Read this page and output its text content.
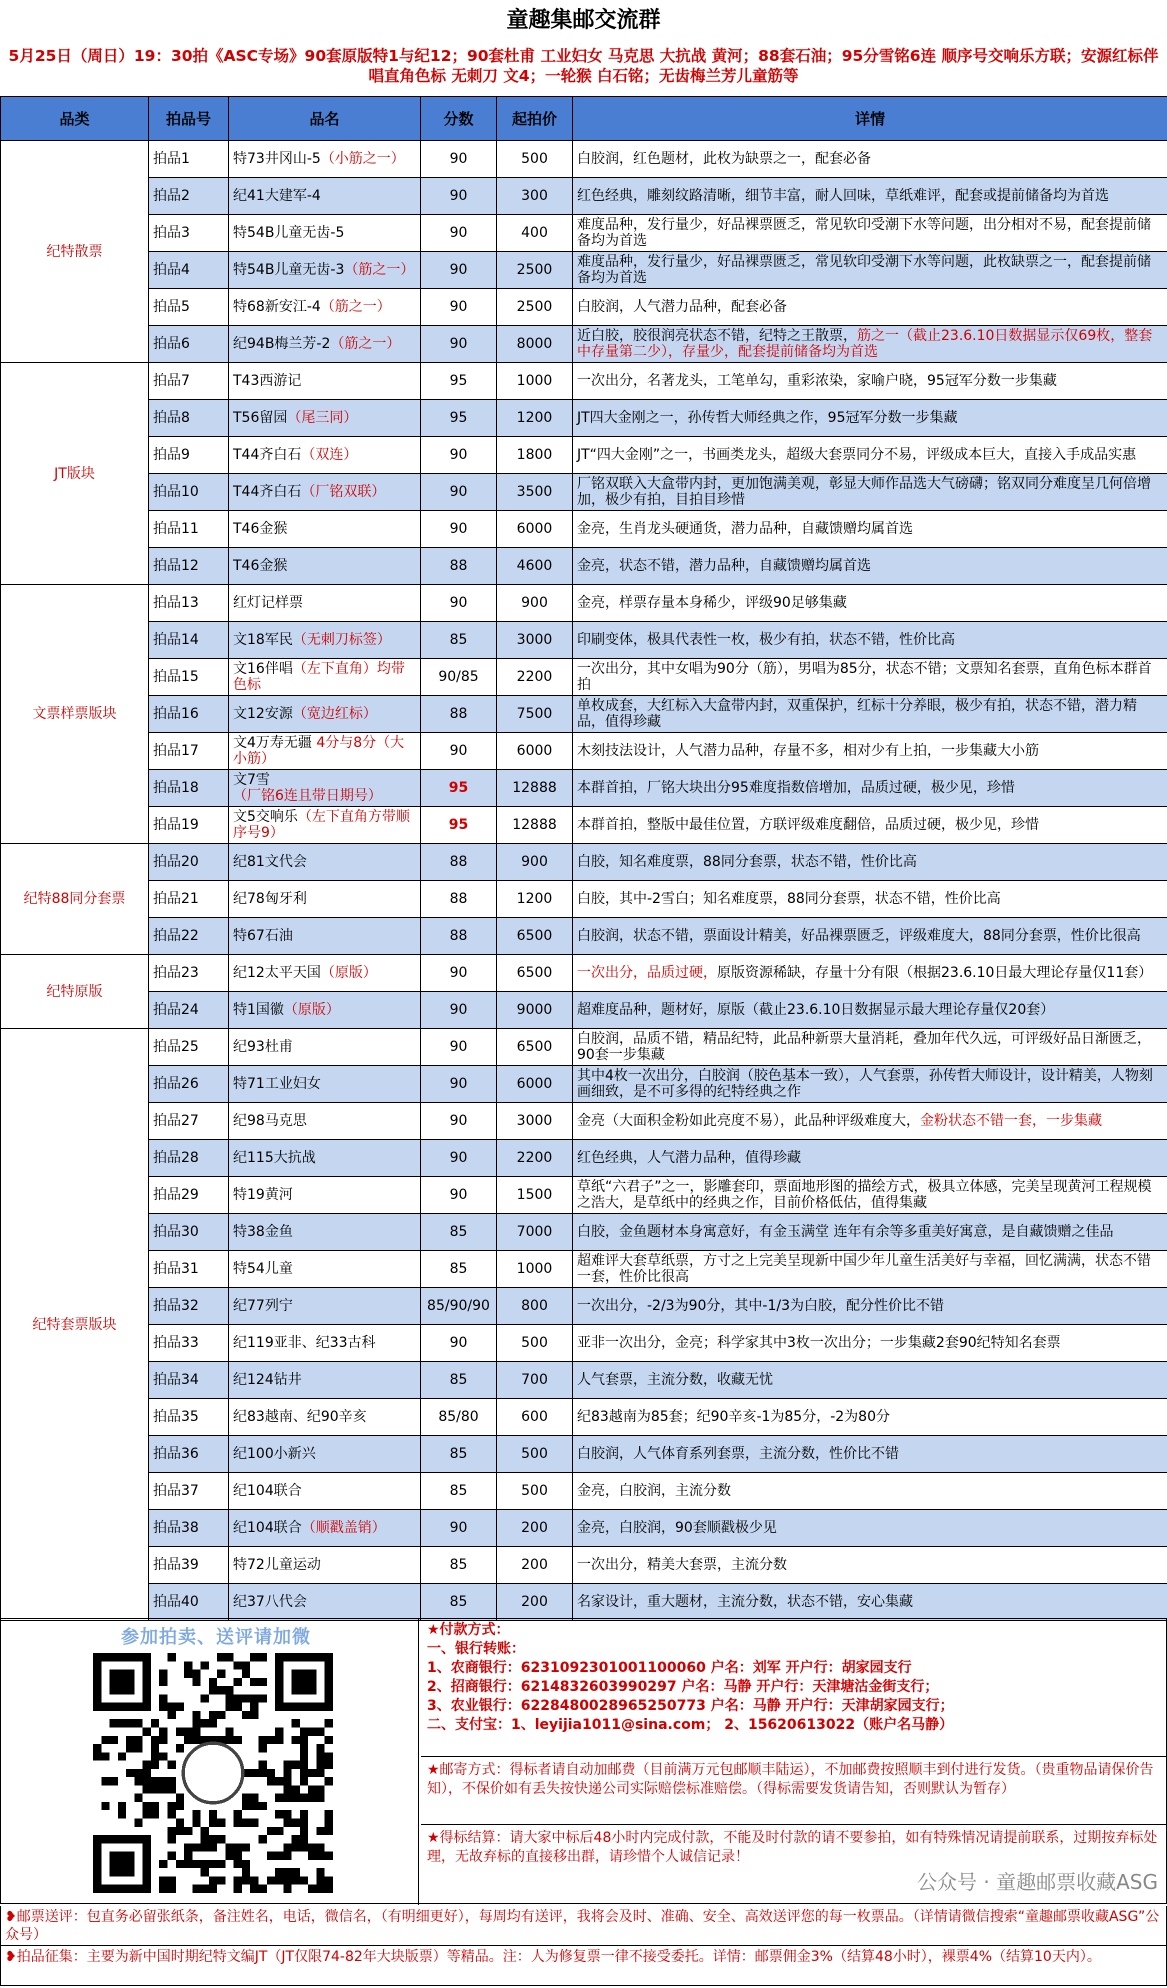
童趣集邮交流群
5月25日（周日）19：30拍《ASC专场》90套原版特1与纪12；90套杜甫 工业妇女 马克思 大抗战 黄河；88套石油；95分雪铭6连 顺序号交响乐方联；安源红标伴唱直角色标 无刺刀 文4；一轮猴 白石铭；无齿梅兰芳儿童筋等
品类	拍品号	品名	分数	起拍价	详情
纪特散票	拍品1	特73井冈山-5（小筋之一）	90	500	白胶润，红色题材，此枚为缺票之一，配套必备
	拍品2	纪41大建军-4	90	300	红色经典，雕刻纹路清晰，细节丰富，耐人回味，草纸难评，配套或提前储备均为首选
	拍品3	特54B儿童无齿-5	90	400	难度品种，发行量少，好品裸票匮乏，常见软印受潮下水等问题，出分相对不易，配套提前储备均为首选
	拍品4	特54B儿童无齿-3（筋之一）	90	2500	难度品种，发行量少，好品裸票匮乏，常见软印受潮下水等问题，此枚缺票之一，配套提前储备均为首选
	拍品5	特68新安江-4（筋之一）	90	2500	白胶润，人气潜力品种，配套必备
	拍品6	纪94B梅兰芳-2（筋之一）	90	8000	近白胶，胶很润亮状态不错，纪特之王散票，筋之一（截止23.6.10日数据显示仅69枚，整套中存量第二少），存量少，配套提前储备均为首选
JT版块	拍品7	T43西游记	95	1000	一次出分，名著龙头，工笔单勾，重彩浓染，家喻户晓，95冠军分数一步集藏
	拍品8	T56留园（尾三同）	95	1200	JT四大金刚之一，孙传哲大师经典之作，95冠军分数一步集藏
	拍品9	T44齐白石（双连）	90	1800	JT“四大金刚”之一，书画类龙头，超级大套票同分不易，评级成本巨大，直接入手成品实惠
	拍品10	T44齐白石（厂铭双联）	90	3500	厂铭双联入大盒带内封，更加饱满美观，彰显大师作品选大气磅礴；铭双同分难度呈几何倍增加，极少有拍，目拍目珍惜
	拍品11	T46金猴	90	6000	金亮，生肖龙头硬通货，潜力品种，自藏馈赠均属首选
	拍品12	T46金猴	88	4600	金亮，状态不错，潜力品种，自藏馈赠均属首选
文票样票版块	拍品13	红灯记样票	90	900	金亮，样票存量本身稀少，评级90足够集藏
	拍品14	文18军民（无刺刀标签）	85	3000	印刷变体，极具代表性一枚，极少有拍，状态不错，性价比高
	拍品15	文16伴唱（左下直角）均带色标	90/85	2200	一次出分，其中女唱为90分（筋），男唱为85分，状态不错；文票知名套票，直角色标本群首拍
	拍品16	文12安源（宽边红标）	88	7500	单枚成套，大红标入大盒带内封，双重保护，红标十分养眼，极少有拍，状态不错，潜力精品，值得珍藏
	拍品17	文4万寿无疆 4分与8分（大小筋）	90	6000	木刻技法设计，人气潜力品种，存量不多，相对少有上拍，一步集藏大小筋
	拍品18	文7雪（厂铭6连且带日期号）	95	12888	本群首拍，厂铭大块出分95难度指数倍增加，品质过硬，极少见，珍惜
	拍品19	文5交响乐（左下直角方带顺序号9）	95	12888	本群首拍，整版中最佳位置，方联评级难度翻倍，品质过硬，极少见，珍惜
纪特88同分套票	拍品20	纪81文代会	88	900	白胶，知名难度票，88同分套票，状态不错，性价比高
	拍品21	纪78匈牙利	88	1200	白胶，其中-2雪白；知名难度票，88同分套票，状态不错，性价比高
	拍品22	特67石油	88	6500	白胶润，状态不错，票面设计精美，好品裸票匮乏，评级难度大，88同分套票，性价比很高
纪特原版	拍品23	纪12太平天国（原版）	90	6500	一次出分，品质过硬，原版资源稀缺，存量十分有限（根据23.6.10日最大理论存量仅11套）
	拍品24	特1国徽（原版）	90	9000	超难度品种，题材好，原版（截止23.6.10日数据显示最大理论存量仅20套）
纪特套票版块	拍品25	纪93杜甫	90	6500	白胶润，品质不错，精品纪特，此品种新票大量消耗，叠加年代久远，可评级好品日渐匮乏，90套一步集藏
	拍品26	特71工业妇女	90	6000	其中4枚一次出分，白胶润（胶色基本一致），人气套票，孙传哲大师设计，设计精美，人物刻画细致，是不可多得的纪特经典之作
	拍品27	纪98马克思	90	3000	金亮（大面积金粉如此亮度不易），此品种评级难度大，金粉状态不错一套，一步集藏
	拍品28	纪115大抗战	90	2200	红色经典，人气潜力品种，值得珍藏
	拍品29	特19黄河	90	1500	草纸“六君子”之一，影雕套印，票面地形图的描绘方式，极具立体感，完美呈现黄河工程规模之浩大，是草纸中的经典之作，目前价格低估，值得集藏
	拍品30	特38金鱼	85	7000	白胶，金鱼题材本身寓意好，有金玉满堂 连年有余等多重美好寓意，是自藏馈赠之佳品
	拍品31	特54儿童	85	1000	超难评大套草纸票，方寸之上完美呈现新中国少年儿童生活美好与幸福，回忆满满，状态不错一套，性价比很高
	拍品32	纪77列宁	85/90/90	800	一次出分，-2/3为90分，其中-1/3为白胶，配分性价比不错
	拍品33	纪119亚非、纪33古科	90	500	亚非一次出分，金亮；科学家其中3枚一次出分；一步集藏2套90纪特知名套票
	拍品34	纪124钻井	85	700	人气套票，主流分数，收藏无忧
	拍品35	纪83越南、纪90辛亥	85/80	600	纪83越南为85套；纪90辛亥-1为85分，-2为80分
	拍品36	纪100小新兴	85	500	白胶润，人气体育系列套票，主流分数，性价比不错
	拍品37	纪104联合	85	500	金亮，白胶润，主流分数
	拍品38	纪104联合（顺戳盖销）	90	200	金亮，白胶润，90套顺戳极少见
	拍品39	特72儿童运动	85	200	一次出分，精美大套票，主流分数
	拍品40	纪37八代会	85	200	名家设计，重大题材，主流分数，状态不错，安心集藏
参加拍卖、送评请加微	★付款方式：
一、银行转账：
1、农商银行：6231092301001100060 户名：刘军 开户行：胡家园支行
2、招商银行：6214832603990297 户名：马静 开户行：天津塘沽金街支行；
3、农业银行：6228480028965250773 户名：马静 开户行：天津胡家园支行；
二、支付宝：1、leyijia1011@sina.com； 2、15620613022（账户名马静）
★邮寄方式：得标者请自动加邮费（目前满万元包邮顺丰陆运），不加邮费按照顺丰到付进行发货。（贵重物品请保价告知），不保价如有丢失按快递公司实际赔偿标准赔偿。（得标需要发货请告知，否则默认为暂存）
★得标结算：请大家中标后48小时内完成付款，不能及时付款的请不要参拍，如有特殊情况请提前联系，过期按弃标处理，无故弃标的直接移出群，请珍惜个人诚信记录！
公众号 · 童趣邮票收藏ASG
❥邮票送评：包直务必留张纸条，备注姓名，电话，微信名，（有明细更好），每周均有送评，我将会及时、准确、安全、高效送评您的每一枚票品。（详情请微信搜索“童趣邮票收藏ASG”公众号）
❥拍品征集：主要为新中国时期纪特文编JT（JT仅限74-82年大块版票）等精品。注：人为修复票一律不接受委托。详情：邮票佣金3%（结算48小时），裸票4%（结算10天内）。
